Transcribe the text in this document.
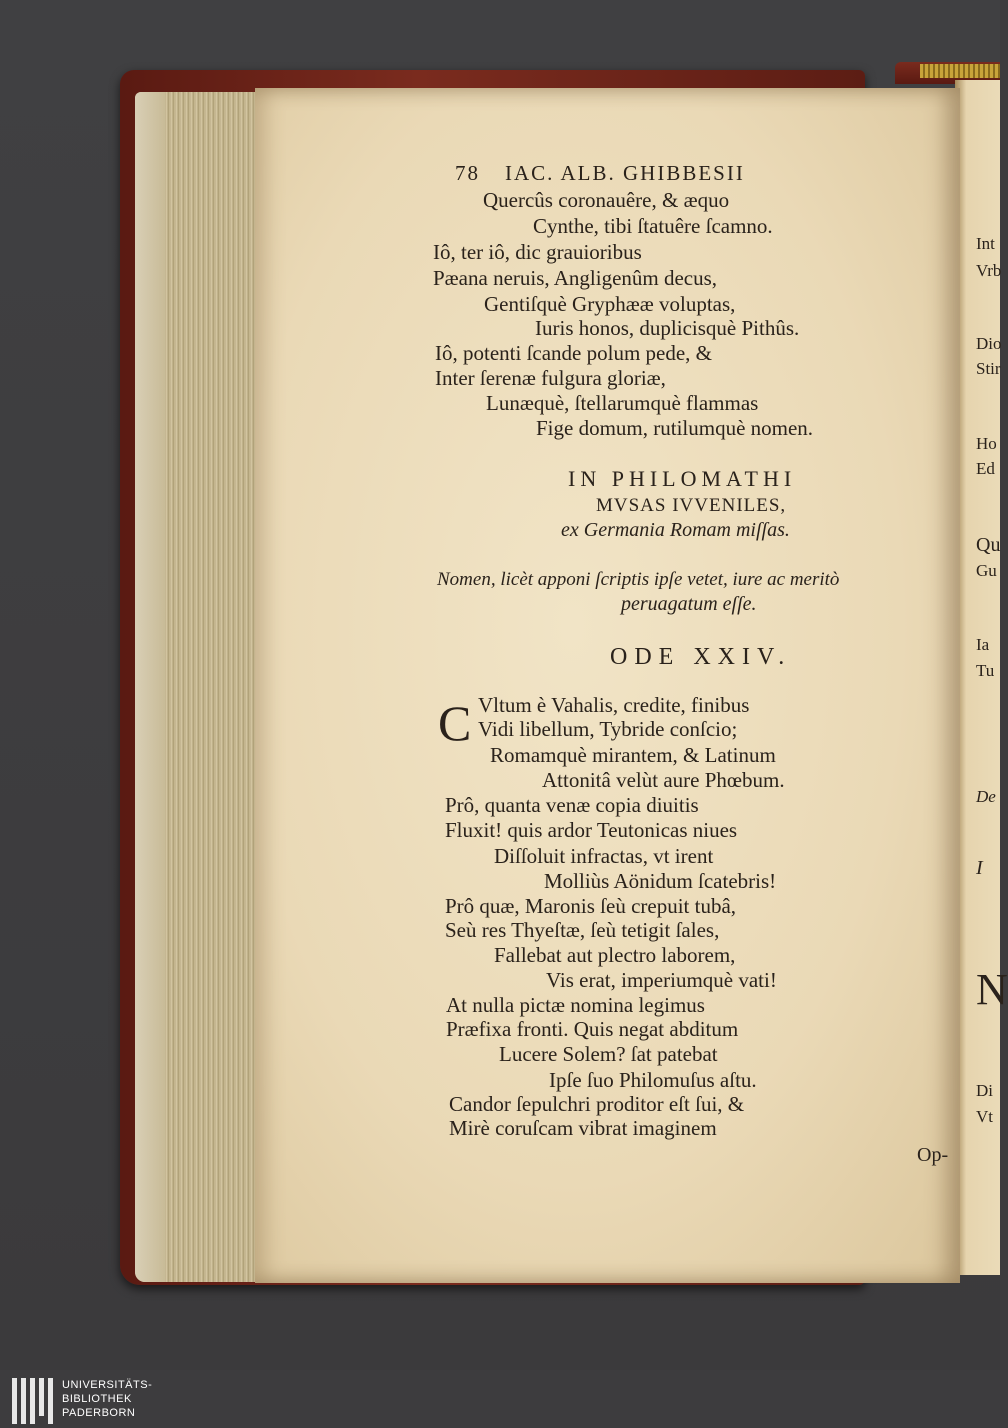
78 IAC. ALB. GHIBBESII
Quercûs coronauêre, & æquo
Cynthe, tibi ſtatuêre ſcamno.
Iô, ter iô, dic grauioribus
Pæana neruis, Angligenûm decus,
Gentiſquè Gryphææ voluptas,
Iuris honos, duplicisquè Pithûs.
Iô, potenti ſcande polum pede, &
Inter ſerenæ fulgura gloriæ,
Lunæquè, ſtellarumquè flammas
Fige domum, rutilumquè nomen.
IN PHILOMATHI
MVSAS IVVENILES,
ex Germania Romam miſſas.
Nomen, licèt apponi ſcriptis ipſe vetet, iure ac meritò
peruagatum eſſe.
ODE XXIV.
C Vltum è Vahalis, credite, finibus
Vidi libellum, Tybride conſcio;
Romamquè mirantem, & Latinum
Attonitâ velùt aure Phœbum.
Prô, quanta venæ copia diuitis
Fluxit! quis ardor Teutonicas niues
Diſſoluit infractas, vt irent
Molliùs Aönidum ſcatebris!
Prô quæ, Maronis ſeù crepuit tubâ,
Seù res Thyeſtæ, ſeù tetigit ſales,
Fallebat aut plectro laborem,
Vis erat, imperiumquè vati!
At nulla pictæ nomina legimus
Præfixa fronti. Quis negat abditum
Lucere Solem? ſat patebat
Ipſe ſuo Philomuſus aſtu.
Candor ſepulchri proditor eſt ſui, &
Mirè coruſcam vibrat imaginem
Op-
Int
Vrb
Dio
Stir
Ho
Ed
Qu
Gu
Ia
Tu
De
I
N
Di
Vt
UNIVERSITÄTS-
BIBLIOTHEK
PADERBORN
